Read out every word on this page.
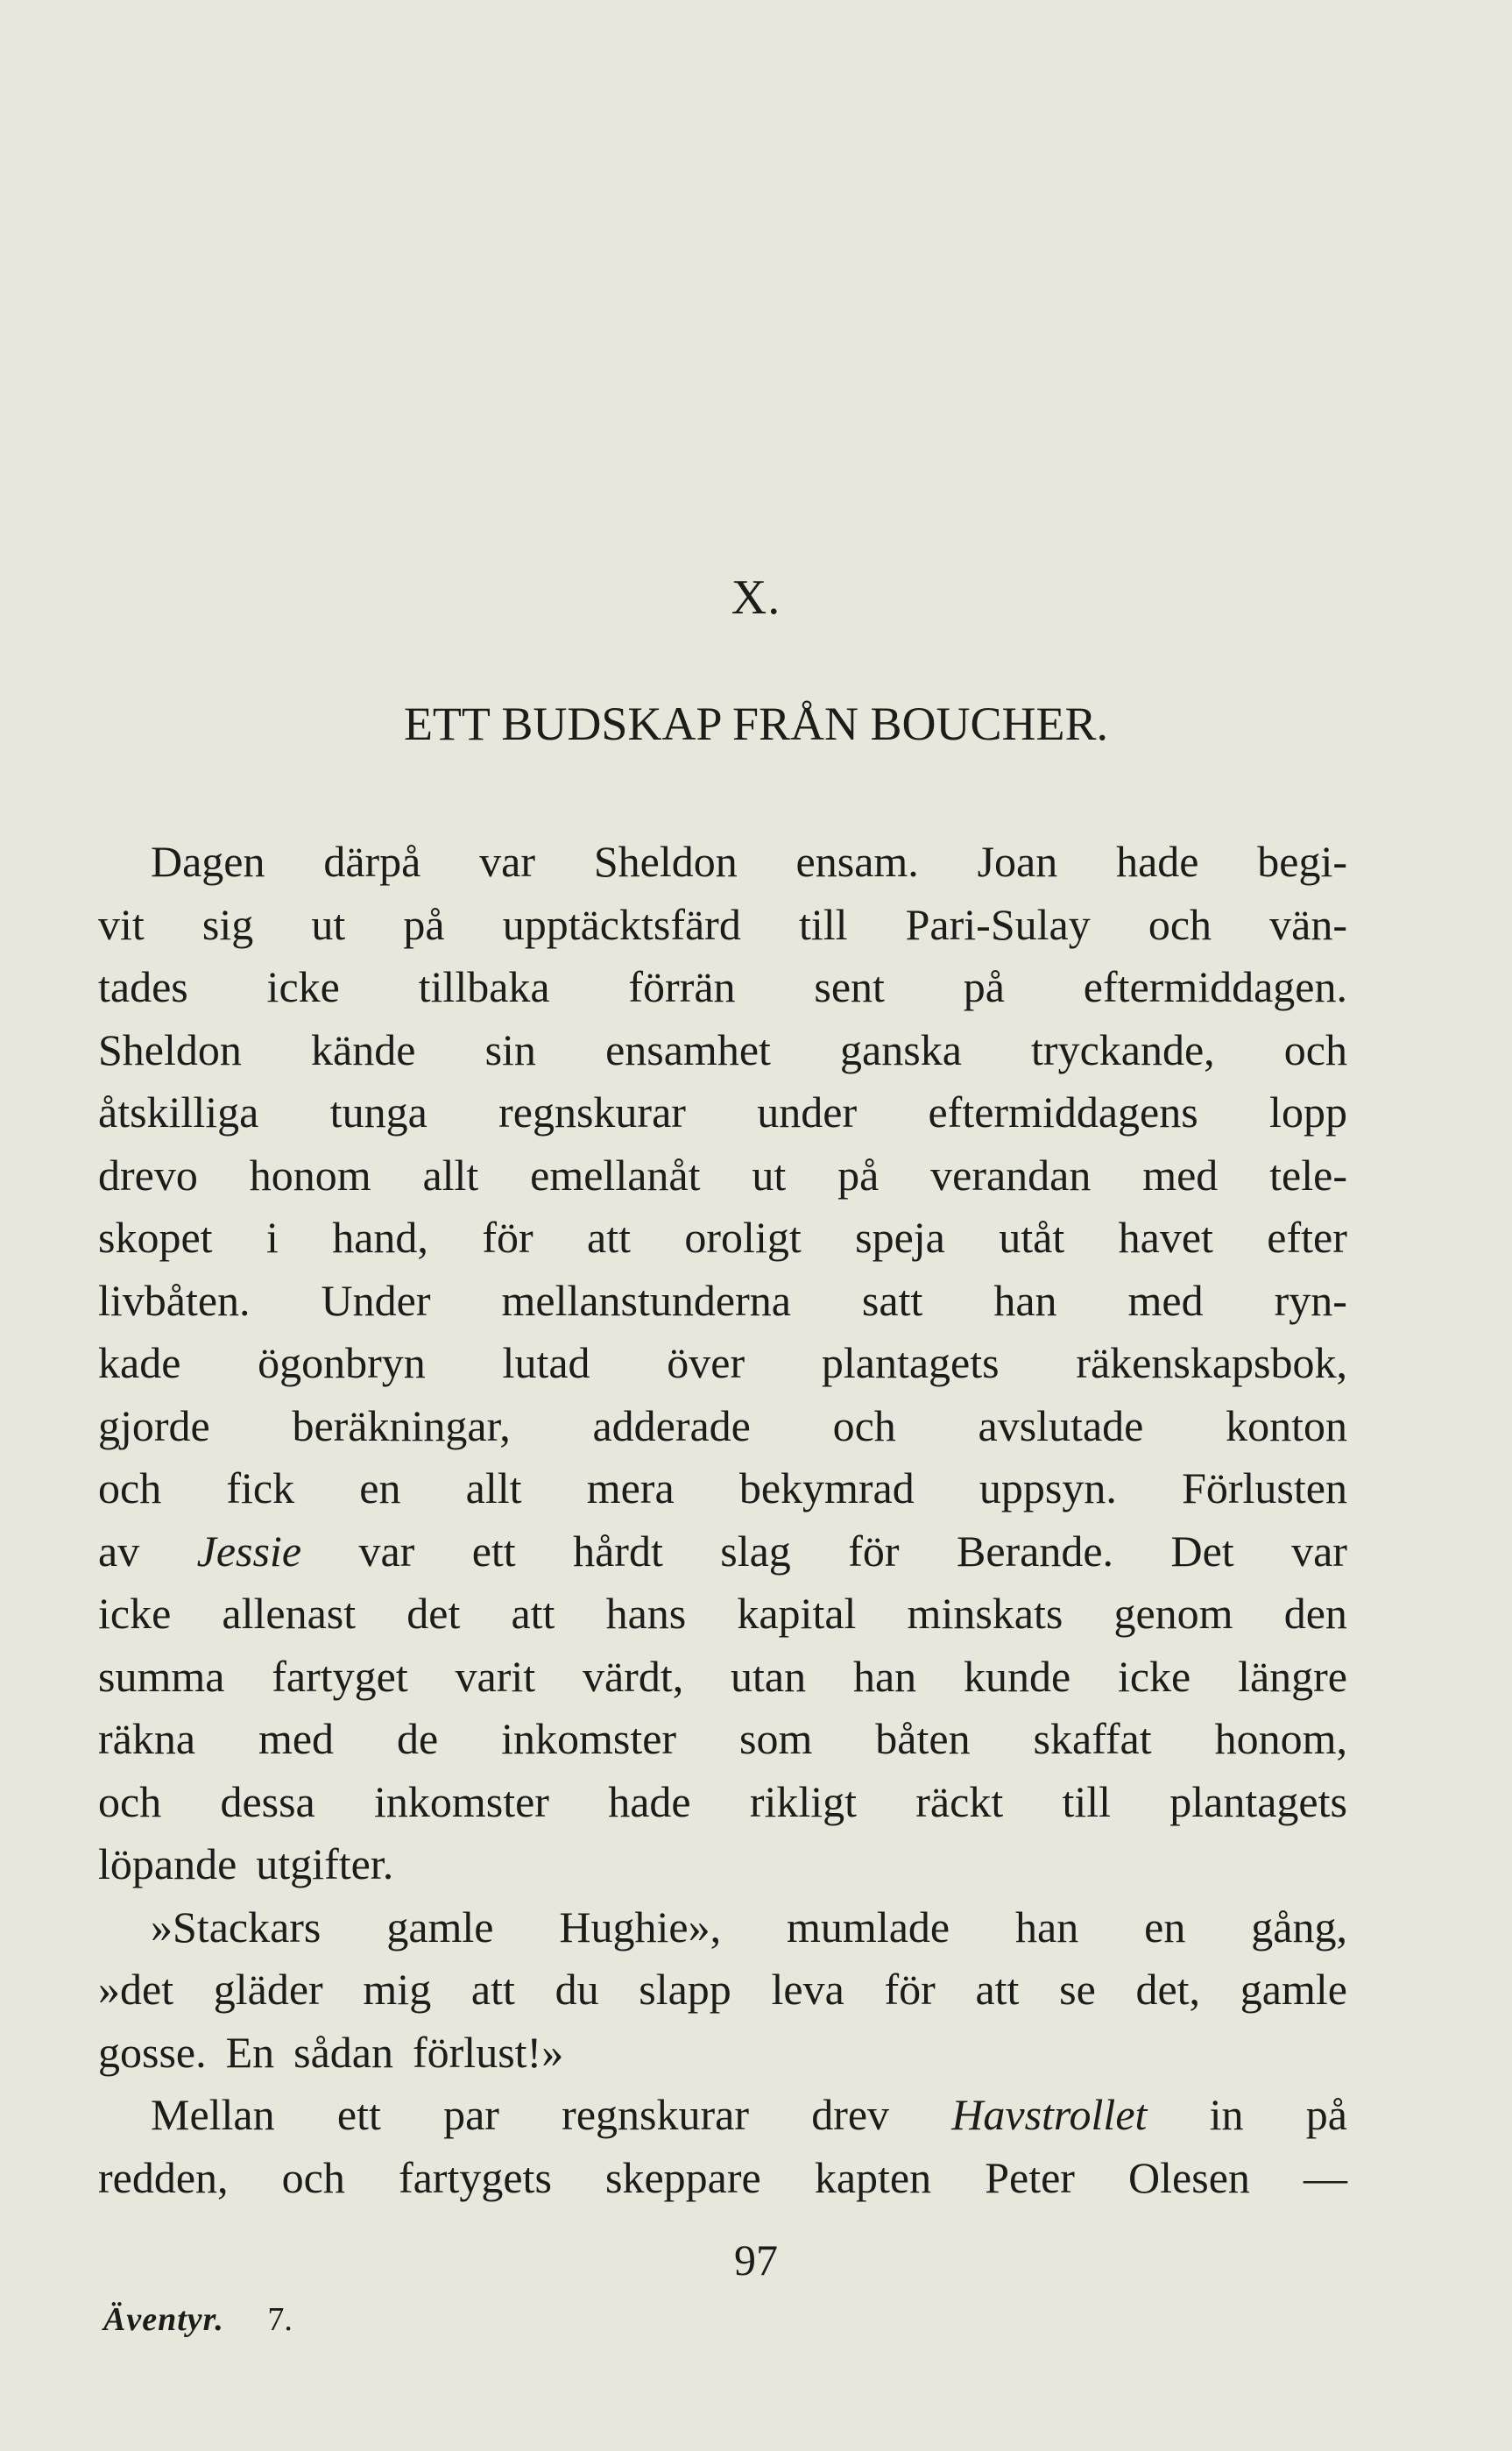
X.
ETT BUDSKAP FRÅN BOUCHER.
Dagen därpå var Sheldon ensam. Joan hade begi-
vit sig ut på upptäcktsfärd till Pari-Sulay och vän-
tades icke tillbaka förrän sent på eftermiddagen.
Sheldon kände sin ensamhet ganska tryckande, och
åtskilliga tunga regnskurar under eftermiddagens lopp
drevo honom allt emellanåt ut på verandan med tele-
skopet i hand, för att oroligt speja utåt havet efter
livbåten. Under mellanstunderna satt han med ryn-
kade ögonbryn lutad över plantagets räkenskapsbok,
gjorde beräkningar, adderade och avslutade konton
och fick en allt mera bekymrad uppsyn. Förlusten
av Jessie var ett hårdt slag för Berande. Det var
icke allenast det att hans kapital minskats genom den
summa fartyget varit värdt, utan han kunde icke längre
räkna med de inkomster som båten skaffat honom,
och dessa inkomster hade rikligt räckt till plantagets
löpande utgifter.
»Stackars gamle Hughie», mumlade han en gång,
»det gläder mig att du slapp leva för att se det, gamle
gosse. En sådan förlust!»
Mellan ett par regnskurar drev Havstrollet in på
redden, och fartygets skeppare kapten Peter Olesen —
97
Äventyr. 7.
